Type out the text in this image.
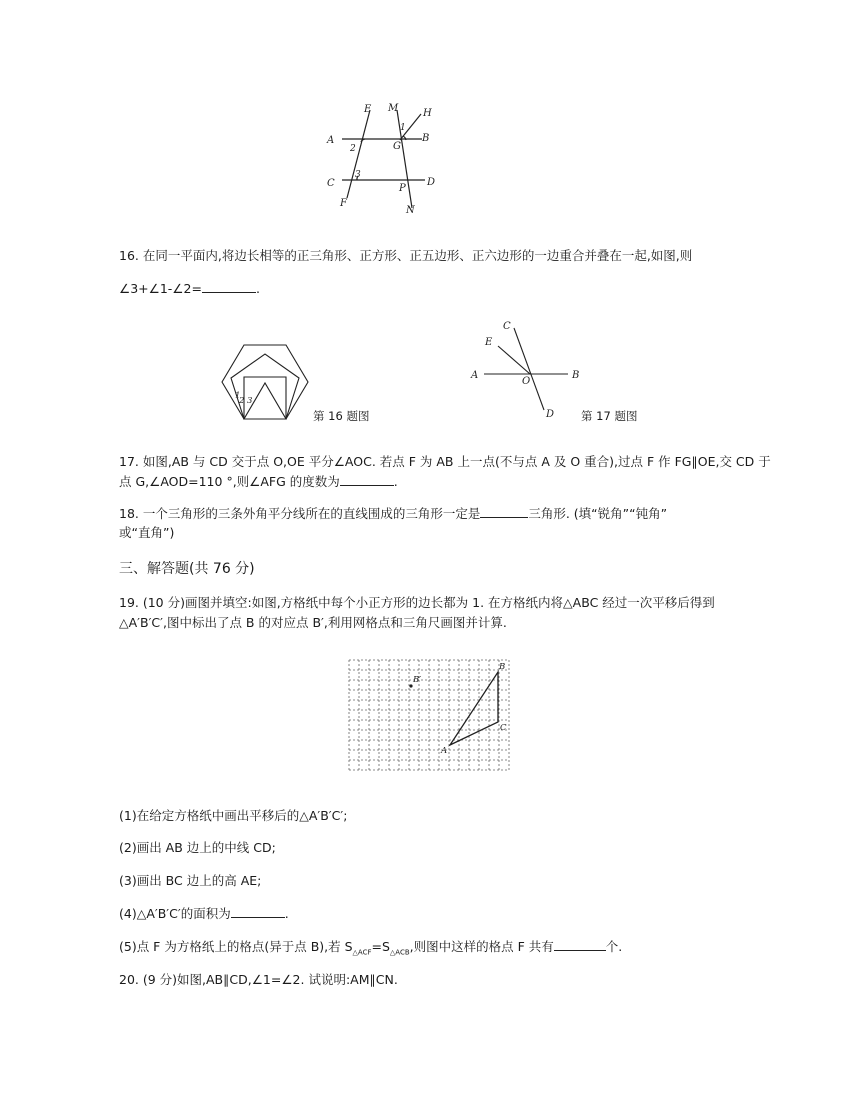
E M H
A	B
1
2	G
C	D
3
P
F
N
16. 在同一平面内,将边长相等的正三角形、正方形、正五边形、正六边形的一边重合并叠在一起,如图,则
∠3+∠1-∠2=	.
1
2 3
第 16 题图
C
E
A
O
B
D 第 17 题图
17. 如图,AB 与 CD 交于点 O,OE 平分∠AOC. 若点 F 为 AB 上一点(不与点 A 及 O 重合),过点 F 作 FG∥OE,交 CD 于
点 G,∠AOD=110 °,则∠AFG 的度数为	.
18. 一个三角形的三条外角平分线所在的直线围成的三角形一定是	三角形. (填“锐角”“钝角”
或“直角”)
三、解答题(共 76 分)
19. (10 分)画图并填空:如图,方格纸中每个小正方形的边长都为 1. 在方格纸内将△ABC 经过一次平移后得到
△A′B′C′,图中标出了点 B 的对应点 B′,利用网格点和三角尺画图并计算.
B′
B
C
A
(1)在给定方格纸中画出平移后的△A′B′C′;
(2)画出 AB 边上的中线 CD;
(3)画出 BC 边上的高 AE;
(4)△A′B′C′的面积为	.
(5)点 F 为方格纸上的格点(异于点 B),若 $S_{\triangle ACF}=S_{\triangle ACB}$,则图中这样的格点 F 共有	个.
20. (9 分)如图,AB∥CD,∠1=∠2. 试说明:AM∥CN.
